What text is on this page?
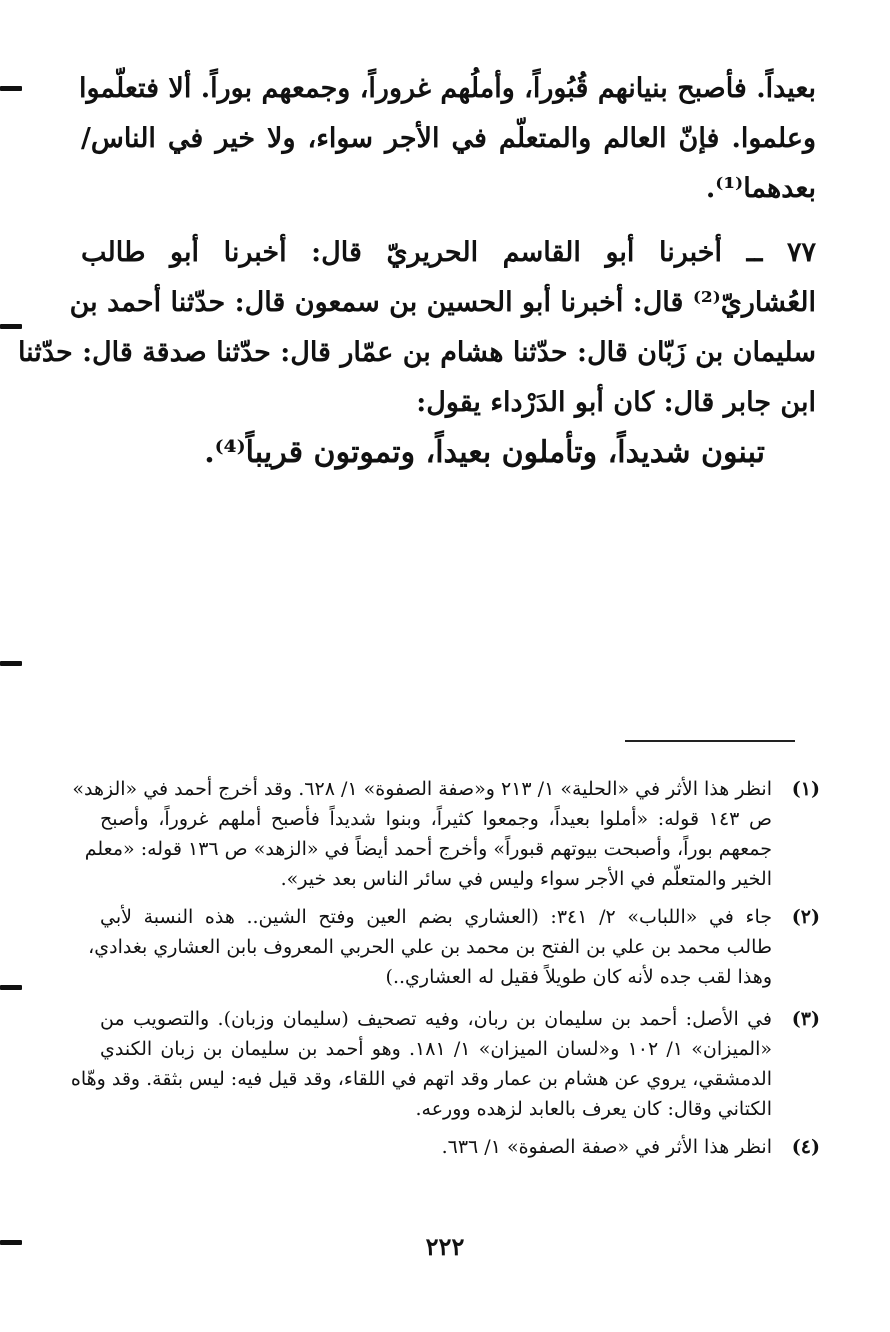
بعيداً. فأصبح بنيانهم قُبُوراً، وأملُهم غروراً، وجمعهم بوراً. ألا فتعلّموا
وعلموا. فإنّ العالم والمتعلّم في الأجر سواء، ولا خير في الناس/
بعدهما⁽¹⁾.
٧٧ ــ أخبرنا أبو القاسم الحريريّ قال: أخبرنا أبو طالب
العُشاريّ⁽²⁾ قال: أخبرنا أبو الحسين بن سمعون قال: حدّثنا أحمد بن
سليمان بن زَبّان قال: حدّثنا هشام بن عمّار قال: حدّثنا صدقة قال: حدّثنا
ابن جابر قال: كان أبو الدَرْداء يقول:
تبنون شديداً، وتأملون بعيداً، وتموتون قريباً⁽⁴⁾.
(١)
انظر هذا الأثر في «الحلية» ١/ ٢١٣ و«صفة الصفوة» ١/ ٦٢٨. وقد أخرج أحمد في «الزهد»
ص ١٤٣ قوله: «أملوا بعيداً، وجمعوا كثيراً، وبنوا شديداً فأصبح أملهم غروراً، وأصبح
جمعهم بوراً، وأصبحت بيوتهم قبوراً» وأخرج أحمد أيضاً في «الزهد» ص ١٣٦ قوله: «معلم
الخير والمتعلّم في الأجر سواء وليس في سائر الناس بعد خير».
(٢)
جاء في «اللباب» ٢/ ٣٤١: (العشاري بضم العين وفتح الشين.. هذه النسبة لأبي
طالب محمد بن علي بن الفتح بن محمد بن علي الحربي المعروف بابن العشاري بغدادي،
وهذا لقب جده لأنه كان طويلاً فقيل له العشاري..)
(٣)
في الأصل: أحمد بن سليمان بن ربان، وفيه تصحيف (سليمان وزبان). والتصويب من
«الميزان» ١/ ١٠٢ و«لسان الميزان» ١/ ١٨١. وهو أحمد بن سليمان بن زبان الكندي
الدمشقي، يروي عن هشام بن عمار وقد اتهم في اللقاء، وقد قيل فيه: ليس بثقة. وقد وهّاه
الكتاني وقال: كان يعرف بالعابد لزهده وورعه.
(٤)
انظر هذا الأثر في «صفة الصفوة» ١/ ٦٣٦.
٢٢٢
